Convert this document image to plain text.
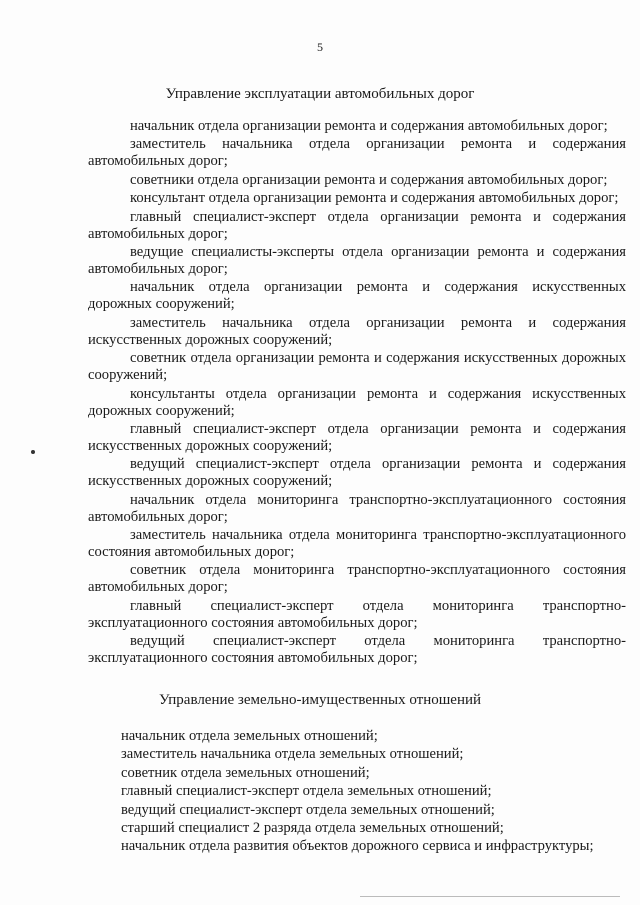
5
Управление эксплуатации автомобильных дорог
начальник отдела организации ремонта и содержания автомобильных дорог;
заместитель начальника отдела организации ремонта и содержания автомобильных дорог;
советники отдела организации ремонта и содержания автомобильных дорог;
консультант отдела организации ремонта и содержания автомобильных дорог;
главный специалист-эксперт отдела организации ремонта и содержания автомобильных дорог;
ведущие специалисты-эксперты отдела организации ремонта и содержания автомобильных дорог;
начальник отдела организации ремонта и содержания искусственных дорожных сооружений;
заместитель начальника отдела организации ремонта и содержания искусственных дорожных сооружений;
советник отдела организации ремонта и содержания искусственных дорожных сооружений;
консультанты отдела организации ремонта и содержания искусственных дорожных сооружений;
главный специалист-эксперт отдела организации ремонта и содержания искусственных дорожных сооружений;
ведущий специалист-эксперт отдела организации ремонта и содержания искусственных дорожных сооружений;
начальник отдела мониторинга транспортно-эксплуатационного состояния автомобильных дорог;
заместитель начальника отдела мониторинга транспортно-эксплуатационного состояния автомобильных дорог;
советник отдела мониторинга транспортно-эксплуатационного состояния автомобильных дорог;
главный специалист-эксперт отдела мониторинга транспортно-эксплуатационного состояния автомобильных дорог;
ведущий специалист-эксперт отдела мониторинга транспортно-эксплуатационного состояния автомобильных дорог;
Управление земельно-имущественных отношений
начальник отдела земельных отношений;
заместитель начальника отдела земельных отношений;
советник отдела земельных отношений;
главный специалист-эксперт отдела земельных отношений;
ведущий специалист-эксперт отдела земельных отношений;
старший специалист 2 разряда отдела земельных отношений;
начальник отдела развития объектов дорожного сервиса и инфраструктуры;
